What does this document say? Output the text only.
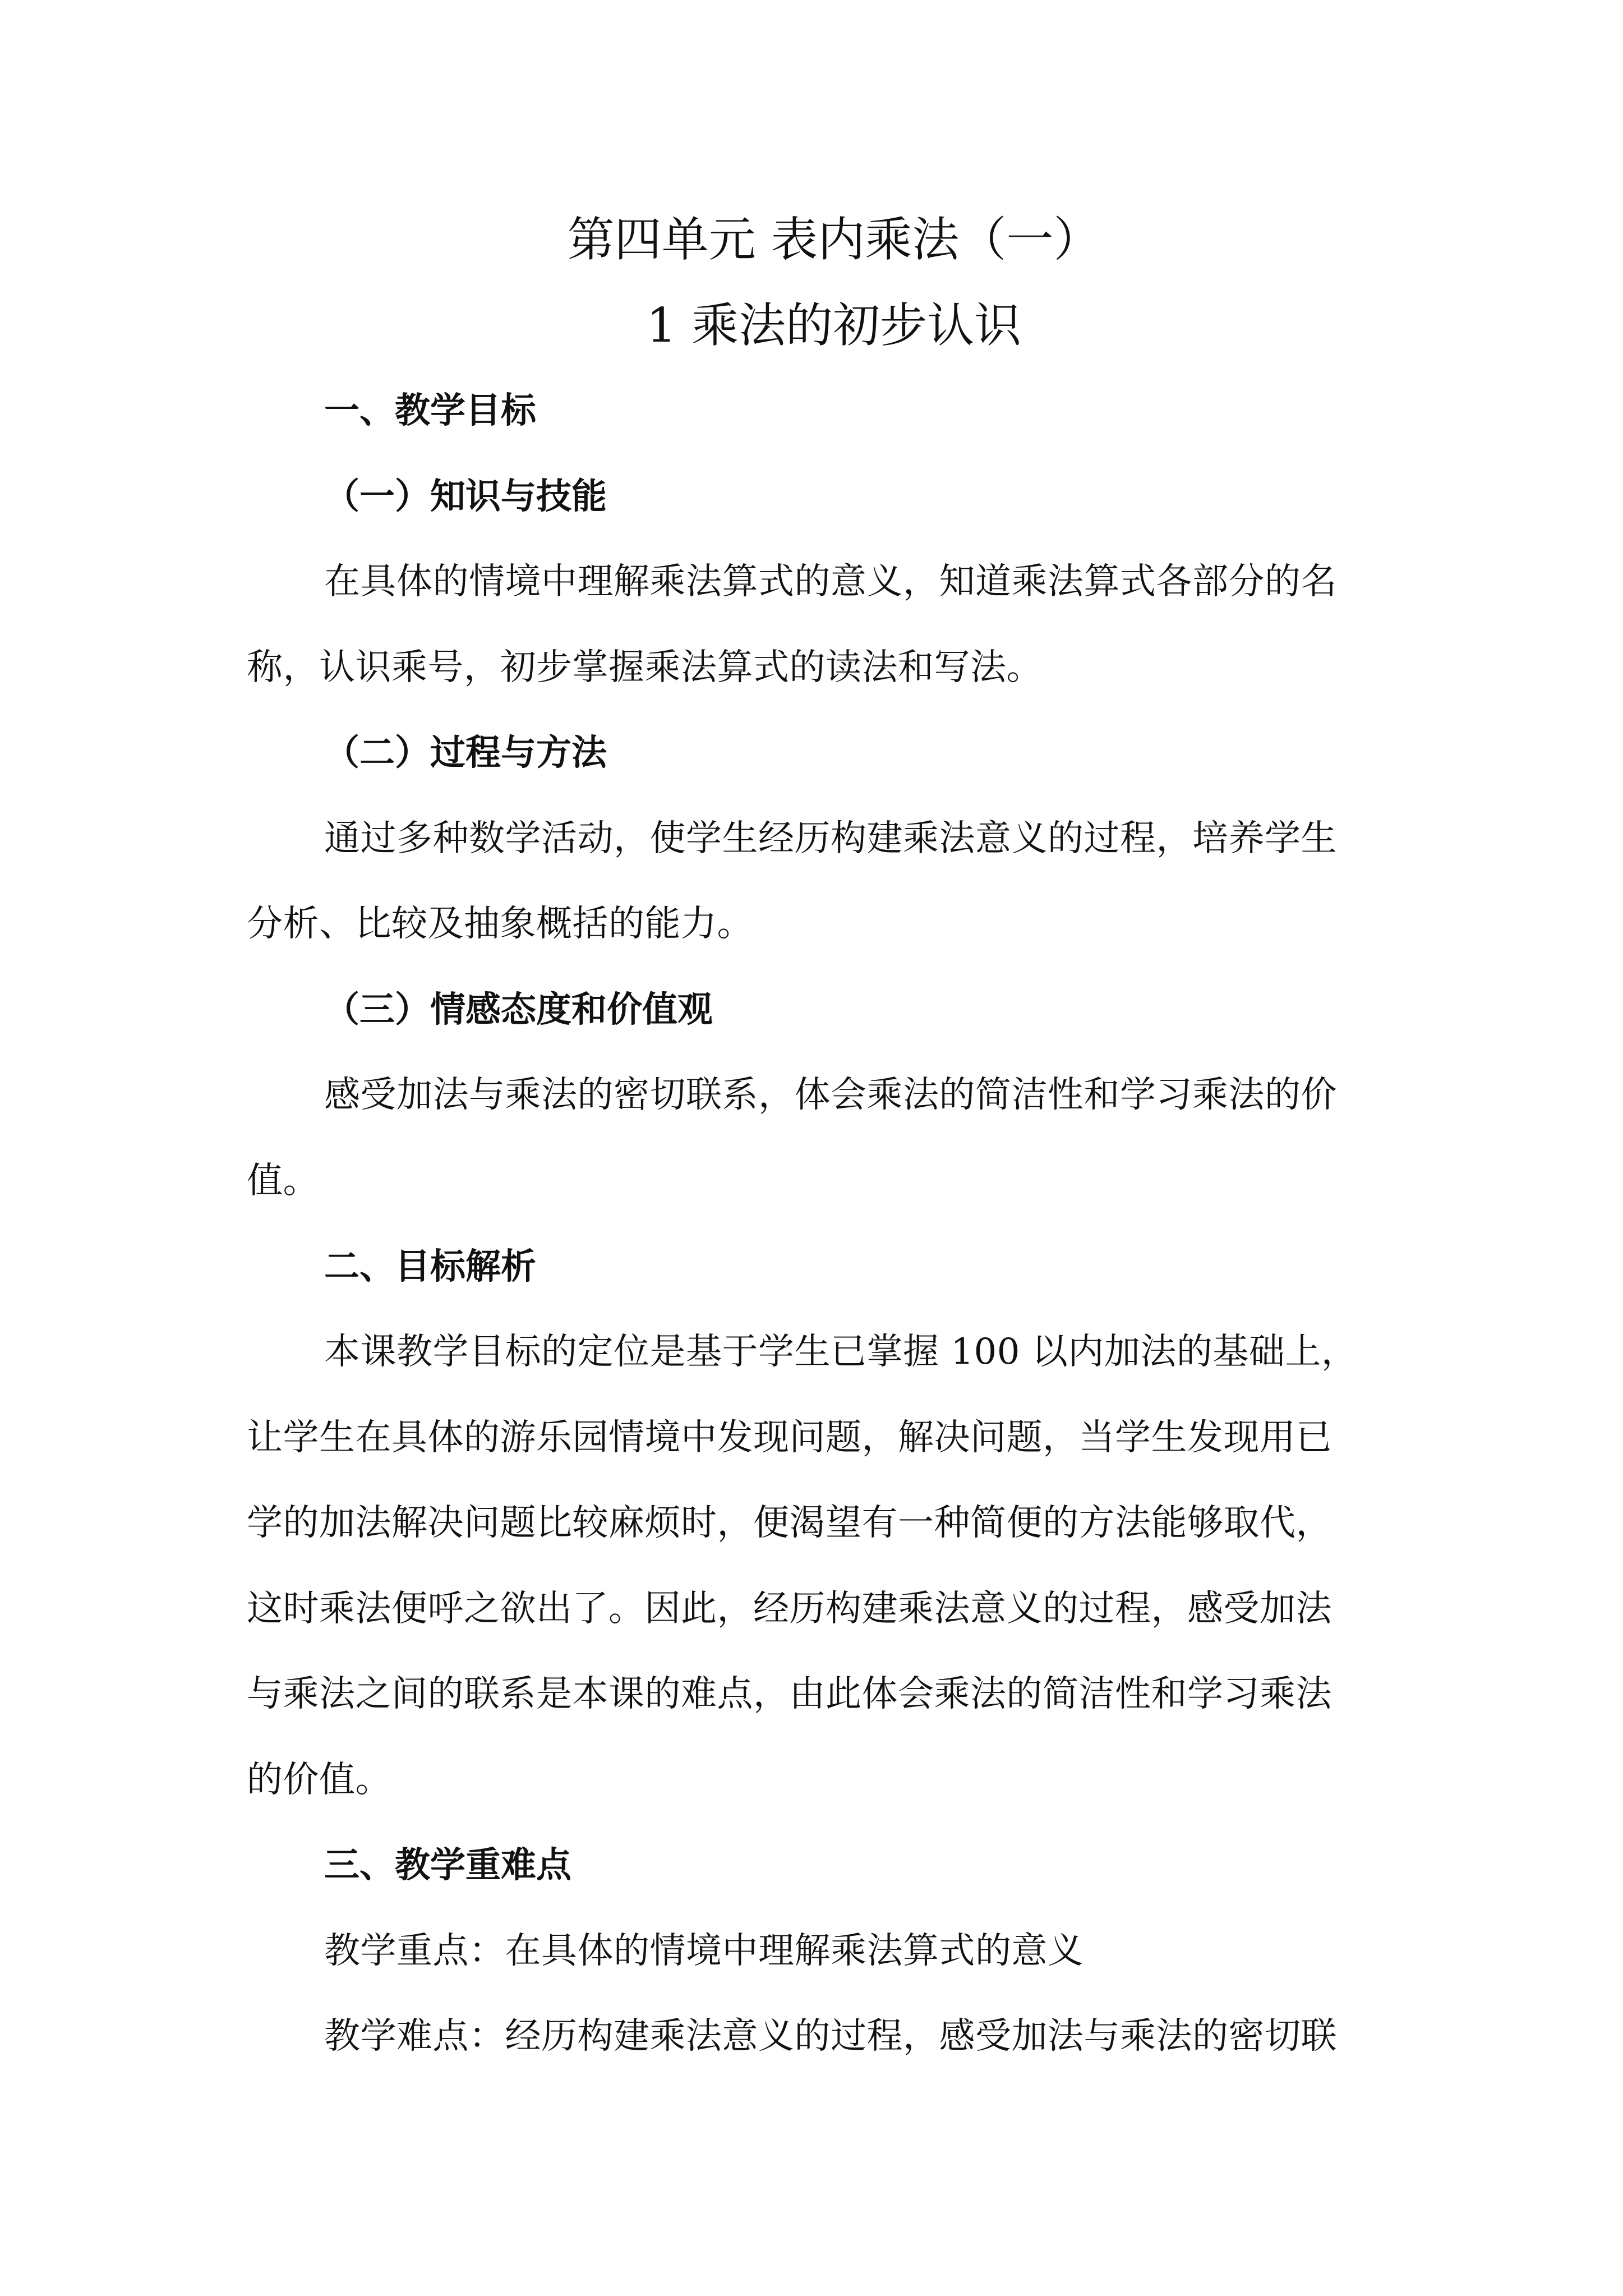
第四单元 表内乘法（一）
1 乘法的初步认识
一、教学目标
（一）知识与技能
在具体的情境中理解乘法算式的意义，知道乘法算式各部分的名
称，认识乘号，初步掌握乘法算式的读法和写法。
（二）过程与方法
通过多种数学活动，使学生经历构建乘法意义的过程，培养学生
分析、比较及抽象概括的能力。
（三）情感态度和价值观
感受加法与乘法的密切联系，体会乘法的简洁性和学习乘法的价
值。
二、目标解析
本课教学目标的定位是基于学生已掌握 100 以内加法的基础上，
让学生在具体的游乐园情境中发现问题，解决问题，当学生发现用已
学的加法解决问题比较麻烦时，便渴望有一种简便的方法能够取代，
这时乘法便呼之欲出了。因此，经历构建乘法意义的过程，感受加法
与乘法之间的联系是本课的难点，由此体会乘法的简洁性和学习乘法
的价值。
三、教学重难点
教学重点：在具体的情境中理解乘法算式的意义
教学难点：经历构建乘法意义的过程，感受加法与乘法的密切联
